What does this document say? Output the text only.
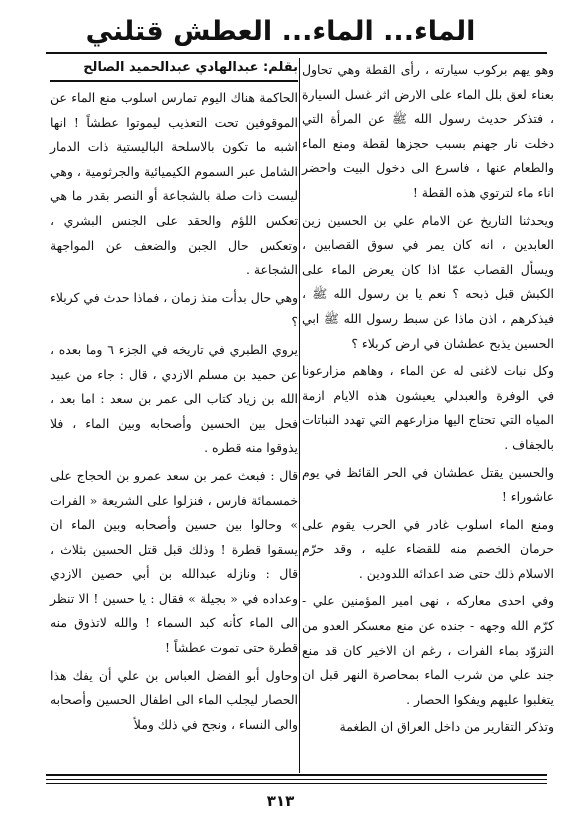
الماء... الماء... العطش قتلني

وهو يهم بركوب سيارته ، رأى القطة وهي تحاول بعناء لعق بلل الماء على الارض اثر غسل السيارة ، فتذكر حديث رسول الله ﷺ عن المرأة التي دخلت نار جهنم بسبب حجزها لقطة ومنع الماء والطعام عنها ، فاسرع الى دخول البيت واحضر اناء ماء لترتوي هذه القطة !

ويحدثنا التاريخ عن الامام علي بن الحسين زين العابدين ، انه كان يمر في سوق القصابين ، ويسأل القصاب عمّا اذا كان يعرض الماء على الكبش قبل ذبحه ؟ نعم يا بن رسول الله ﷺ ، فيذكرهم ، اذن ماذا عن سبط رسول الله ﷺ ابي الحسين يذبح عطشان في ارض كربلاء ؟

وكل نبات لاغنى له عن الماء ، وهاهم مزارعونا في الوفرة والعبدلي يعيشون هذه الايام ازمة المياه التي تحتاج اليها مزارعهم التي تهدد النباتات بالجفاف .

والحسين يقتل عطشان في الحر القائظ في يوم عاشوراء !

ومنع الماء اسلوب غادر في الحرب يقوم على حرمان الخصم منه للقضاء عليه ، وقد حرّم الاسلام ذلك حتى ضد اعدائه اللدودين .

وفي احدى معاركه ، نهى امير المؤمنين علي - كرّم الله وجهه - جنده عن منع معسكر العدو من التزوّد بماء الفرات ، رغم ان الاخير كان قد منع جند علي من شرب الماء بمحاصرة النهر قبل ان يتغلبوا عليهم ويفكوا الحصار .

وتذكر التقارير من داخل العراق ان الطغمة

بقلم: عبدالهادي عبدالحميد الصالح

الحاكمة هناك اليوم تمارس اسلوب منع الماء عن الموقوفين تحت التعذيب ليموتوا عطشاً ! انها اشبه ما تكون بالاسلحة الباليستية ذات الدمار الشامل عبر السموم الكيميائية والجرثومية ، وهي ليست ذات صلة بالشجاعة أو النصر بقدر ما هي تعكس اللؤم والحقد على الجنس البشري ، وتعكس حال الجبن والضعف عن المواجهة الشجاعة .

وهي حال بدأت منذ زمان ، فماذا حدث في كربلاء ؟

يروي الطبري في تاريخه في الجزء ٦ وما بعده ، عن حميد بن مسلم الازدي ، قال : جاء من عبيد الله بن زياد كتاب الى عمر بن سعد : اما بعد ، فحل بين الحسين وأصحابه وبين الماء ، فلا يذوقوا منه قطره .

قال : فبعث عمر بن سعد عمرو بن الحجاج على خمسمائة فارس ، فنزلوا على الشريعة « الفرات » وحالوا بين حسين وأصحابه وبين الماء ان يسقوا قطرة ! وذلك قبل قتل الحسين بثلاث ، قال : ونازله عبدالله بن أبي حصين الازدي وعداده في « بجيلة » فقال : يا حسين ! الا تنظر الى الماء كأنه كبد السماء ! والله لاتذوق منه قطرة حتى تموت عطشاً !

وحاول أبو الفضل العباس بن علي أن يفك هذا الحصار ليجلب الماء الى اطفال الحسين وأصحابه والى النساء ، ونجح في ذلك وملأ

٣١٣
